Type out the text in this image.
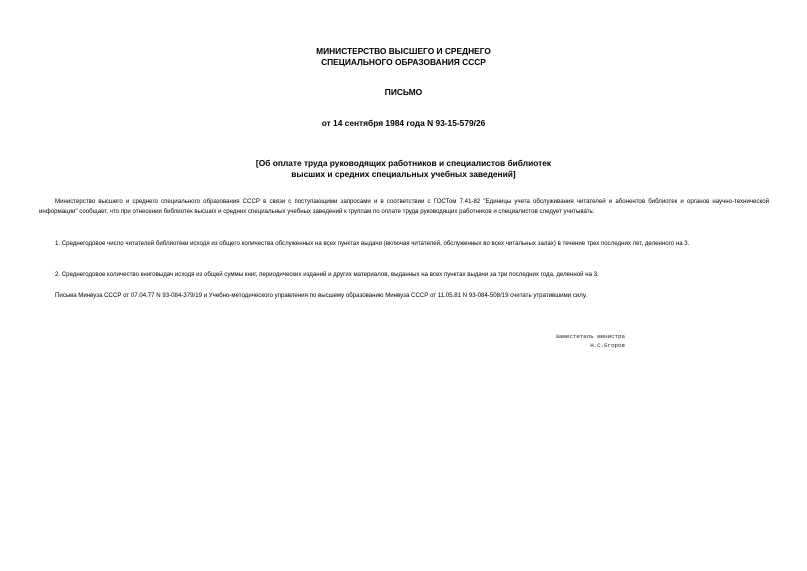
МИНИСТЕРСТВО ВЫСШЕГО И СРЕДНЕГО
СПЕЦИАЛЬНОГО ОБРАЗОВАНИЯ СССР
ПИСЬМО
от 14 сентября 1984 года N 93-15-579/26
[Об оплате труда руководящих работников и специалистов библиотек
высших и средних специальных учебных заведений]
Министерство высшего и среднего специального образования СССР в связи с поступающими запросами и в соответствии с ГОСТом 7.41-82 "Единицы учета обслуживания читателей и абонентов библиотек и органов научно-технической информации" сообщает, что при отнесении библиотек высших и средних специальных учебных заведений к группам по оплате труда руководящих работников и специалистов следует учитывать:
1. Среднегодовое число читателей библиотеки исходя из общего количества обслуженных на всех пунктах выдачи (включая читателей, обслуженных во всех читальных залах) в течение трех последних лет, деленного на 3.
2. Среднегодовое количество книговыдач исходя из общей суммы книг, периодических изданий и других материалов, выданных на всех пунктах выдачи за три последних года, деленной на 3.
Письма Минвуза СССР от 07.04.77 N 93-084-379/19 и Учебно-методического управления по высшему образованию Минвуза СССР от 11.05.81 N 93-084-508/19 считать утратившими силу.
Заместитель министра
Н.С.Егоров
